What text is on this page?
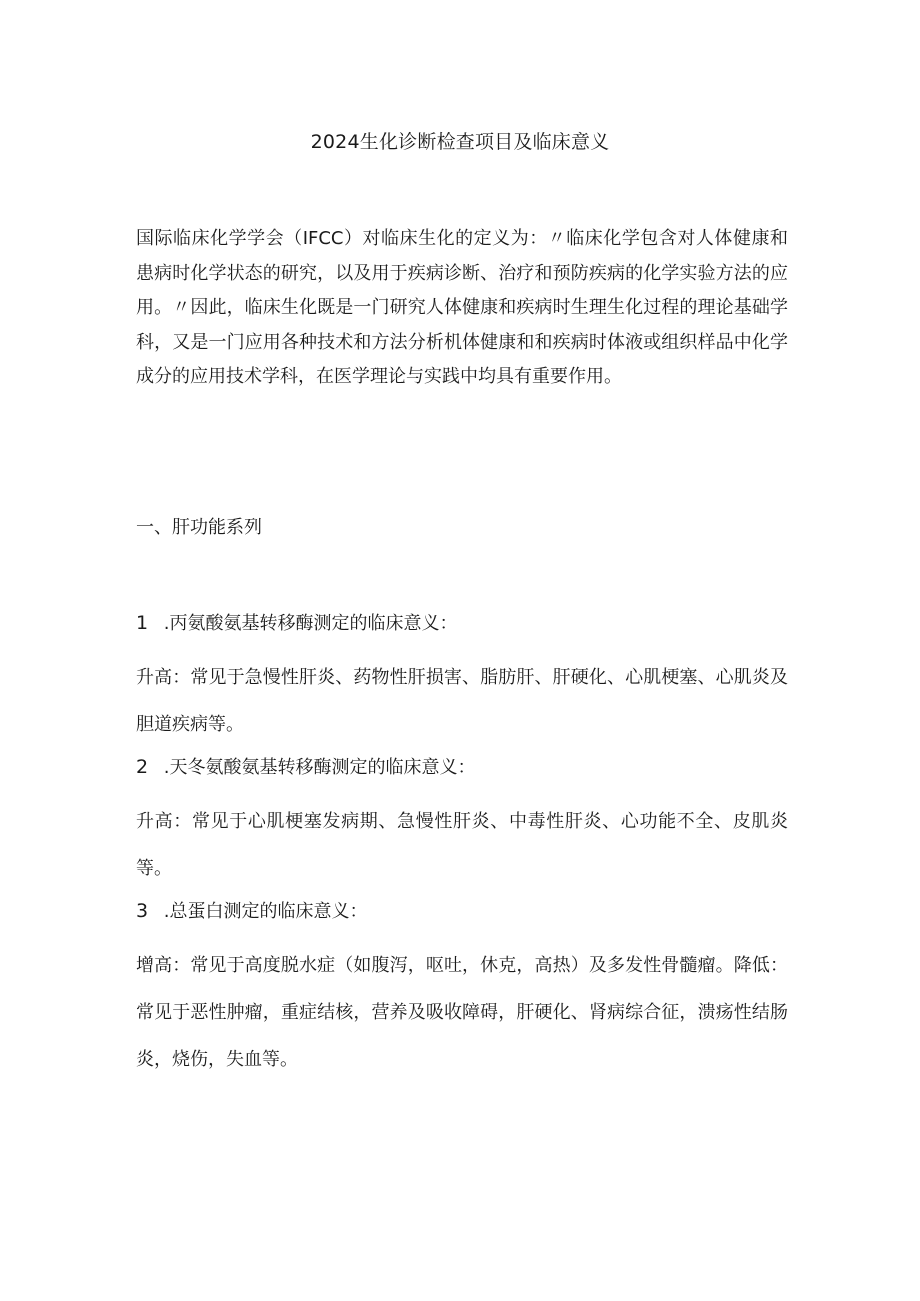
2024生化诊断检查项目及临床意义

国际临床化学学会（IFCC）对临床生化的定义为：〃临床化学包含对人体健康和患病时化学状态的研究，以及用于疾病诊断、治疗和预防疾病的化学实验方法的应用。〃因此，临床生化既是一门研究人体健康和疾病时生理生化过程的理论基础学科，又是一门应用各种技术和方法分析机体健康和和疾病时体液或组织样品中化学成分的应用技术学科，在医学理论与实践中均具有重要作用。

一、肝功能系列

1 .丙氨酸氨基转移酶测定的临床意义：

升高：常见于急慢性肝炎、药物性肝损害、脂肪肝、肝硬化、心肌梗塞、心肌炎及胆道疾病等。

2 .天冬氨酸氨基转移酶测定的临床意义：

升高：常见于心肌梗塞发病期、急慢性肝炎、中毒性肝炎、心功能不全、皮肌炎等。

3 .总蛋白测定的临床意义：

增高：常见于高度脱水症（如腹泻，呕吐，休克，高热）及多发性骨髓瘤。降低：常见于恶性肿瘤，重症结核，营养及吸收障碍，肝硬化、肾病综合征，溃疡性结肠炎，烧伤，失血等。
